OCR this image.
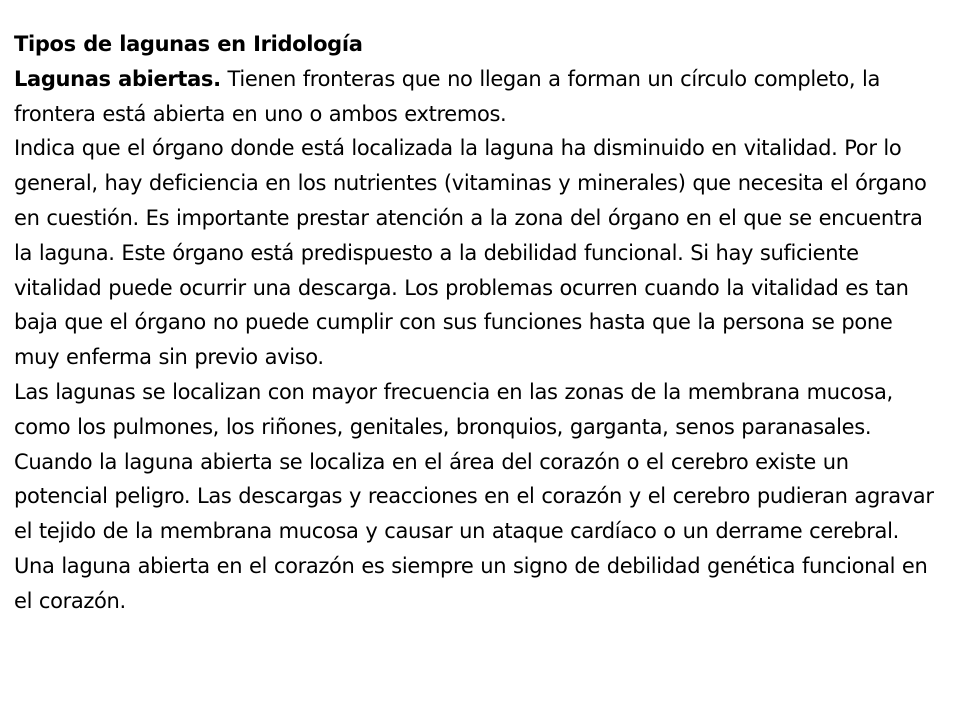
Tipos de lagunas en Iridología

Lagunas abiertas. Tienen fronteras que no llegan a forman un círculo completo, la frontera está abierta en uno o ambos extremos.

Indica que el órgano donde está localizada la laguna ha disminuido en vitalidad. Por lo general, hay deficiencia en los nutrientes (vitaminas y minerales) que necesita el órgano en cuestión. Es importante prestar atención a la zona del órgano en el que se encuentra la laguna. Este órgano está predispuesto a la debilidad funcional. Si hay suficiente vitalidad puede ocurrir una descarga. Los problemas ocurren cuando la vitalidad es tan baja que el órgano no puede cumplir con sus funciones hasta que la persona se pone muy enferma sin previo aviso.

Las lagunas se localizan con mayor frecuencia en las zonas de la membrana mucosa, como los pulmones, los riñones, genitales, bronquios, garganta, senos paranasales.

Cuando la laguna abierta se localiza en el área del corazón o el cerebro existe un potencial peligro. Las descargas y reacciones en el corazón y el cerebro pudieran agravar el tejido de la membrana mucosa y causar un ataque cardíaco o un derrame cerebral. Una laguna abierta en el corazón es siempre un signo de debilidad genética funcional en el corazón.
